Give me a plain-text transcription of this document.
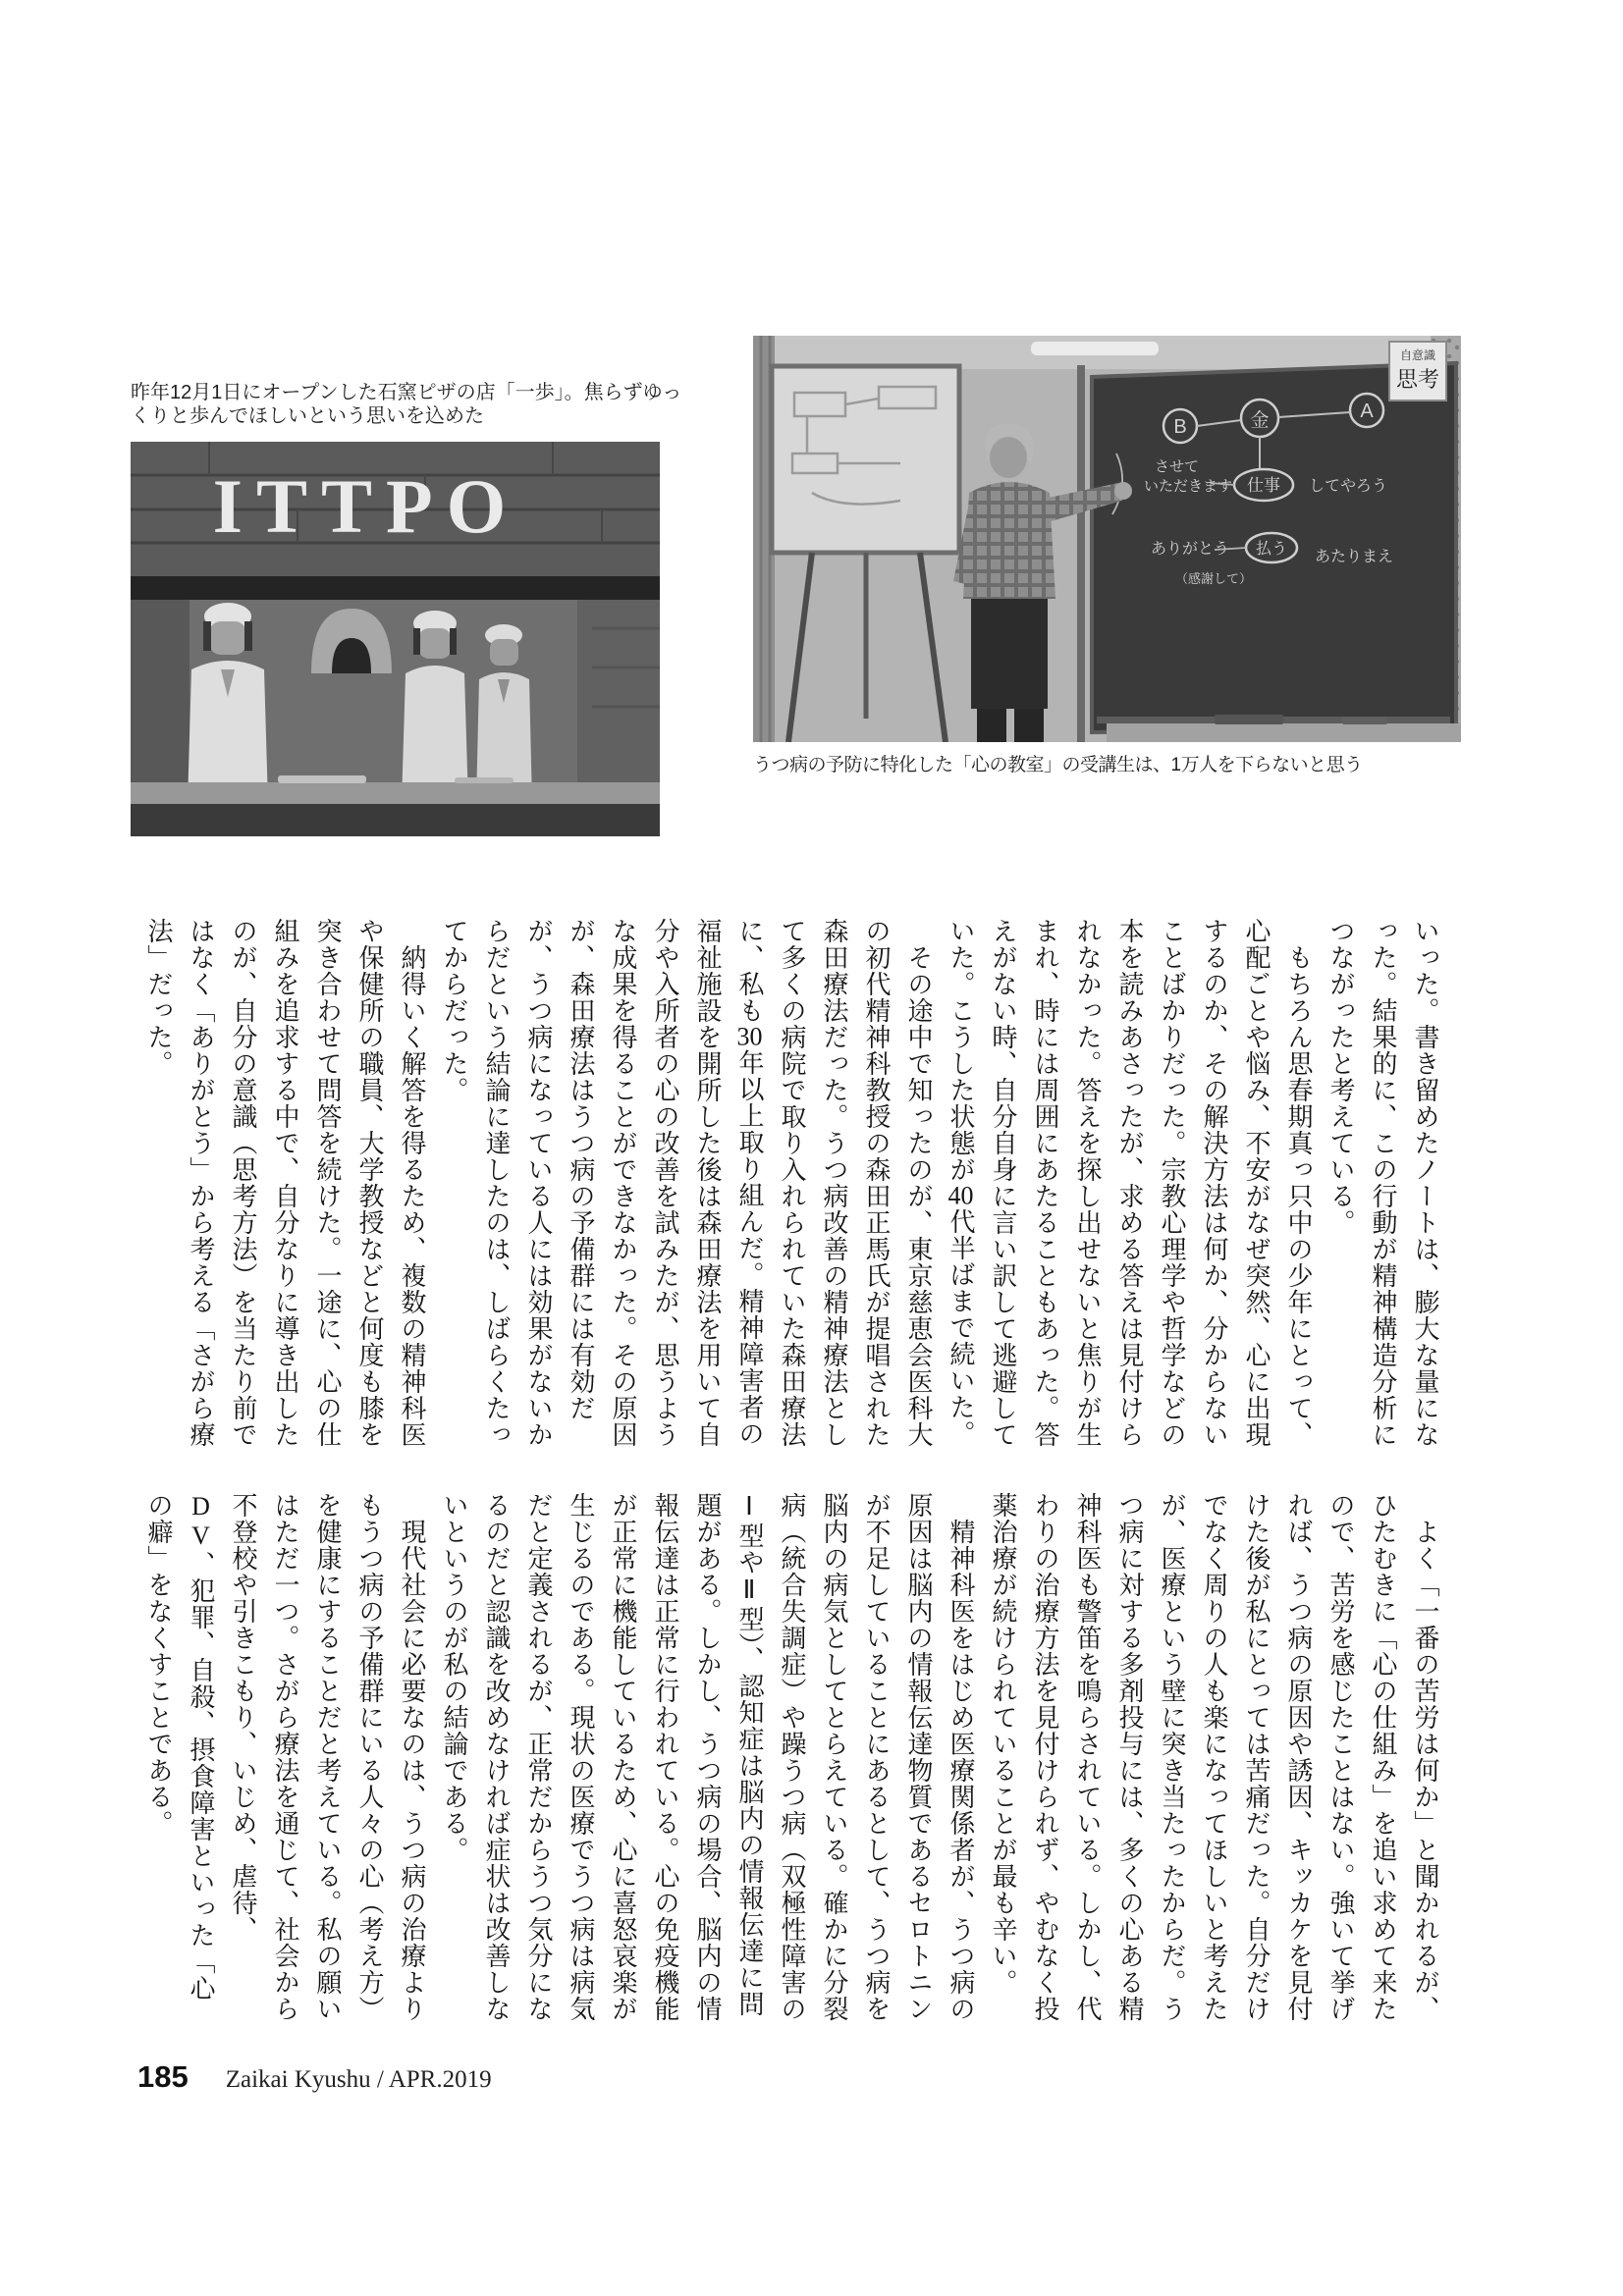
昨年12月1日にオープンした石窯ピザの店「一歩」。焦らずゆっくりと歩んでほしいという思いを込めた
ITTPO
B	金	A
させて
いただきます 仕事 してやろう
ありがとう 払う あたりまえ
（感謝して）
自意識
思考
うつ病の予防に特化した「心の教室」の受講生は、1万人を下らないと思う

いった。書き留めたノートは、膨大な量になった。結果的に、この行動が精神構造分析につながったと考えている。

もちろん思春期真っ只中の少年にとって、心配ごとや悩み、不安がなぜ突然、心に出現するのか、その解決方法は何か、分からないことばかりだった。宗教心理学や哲学などの本を読みあさったが、求める答えは見付けられなかった。答えを探し出せないと焦りが生まれ、時には周囲にあたることもあった。答えがない時、自分自身に言い訳して逃避していた。こうした状態が40代半ばまで続いた。

その途中で知ったのが、東京慈恵会医科大の初代精神科教授の森田正馬氏が提唱された森田療法だった。うつ病改善の精神療法として多くの病院で取り入れられていた森田療法に、私も30年以上取り組んだ。精神障害者の福祉施設を開所した後は森田療法を用いて自分や入所者の心の改善を試みたが、思うような成果を得ることができなかった。その原因が、森田療法はうつ病の予備群には有効だが、うつ病になっている人には効果がないからだという結論に達したのは、しばらくたってからだった。

納得いく解答を得るため、複数の精神科医や保健所の職員、大学教授などと何度も膝を突き合わせて問答を続けた。一途に、心の仕組みを追求する中で、自分なりに導き出したのが、自分の意識（思考方法）を当たり前ではなく「ありがとう」から考える「さがら療法」だった。

よく「一番の苦労は何か」と聞かれるが、ひたむきに「心の仕組み」を追い求めて来たので、苦労を感じたことはない。強いて挙げれば、うつ病の原因や誘因、キッカケを見付けた後が私にとっては苦痛だった。自分だけでなく周りの人も楽になってほしいと考えたが、医療という壁に突き当たったからだ。うつ病に対する多剤投与には、多くの心ある精神科医も警笛を鳴らされている。しかし、代わりの治療方法を見付けられず、やむなく投薬治療が続けられていることが最も辛い。

精神科医をはじめ医療関係者が、うつ病の原因は脳内の情報伝達物質であるセロトニンが不足していることにあるとして、うつ病を脳内の病気としてとらえている。確かに分裂病（統合失調症）や躁うつ病（双極性障害のⅠ型やⅡ型）、認知症は脳内の情報伝達に問題がある。しかし、うつ病の場合、脳内の情報伝達は正常に行われている。心の免疫機能が正常に機能しているため、心に喜怒哀楽が生じるのである。現状の医療でうつ病は病気だと定義されるが、正常だからうつ気分になるのだと認識を改めなければ症状は改善しないというのが私の結論である。

現代社会に必要なのは、うつ病の治療よりもうつ病の予備群にいる人々の心（考え方）を健康にすることだと考えている。私の願いはただ一つ。さがら療法を通じて、社会から不登校や引きこもり、いじめ、虐待、DV、犯罪、自殺、摂食障害といった「心の癖」をなくすことである。

185 Zaikai Kyushu / APR.2019
